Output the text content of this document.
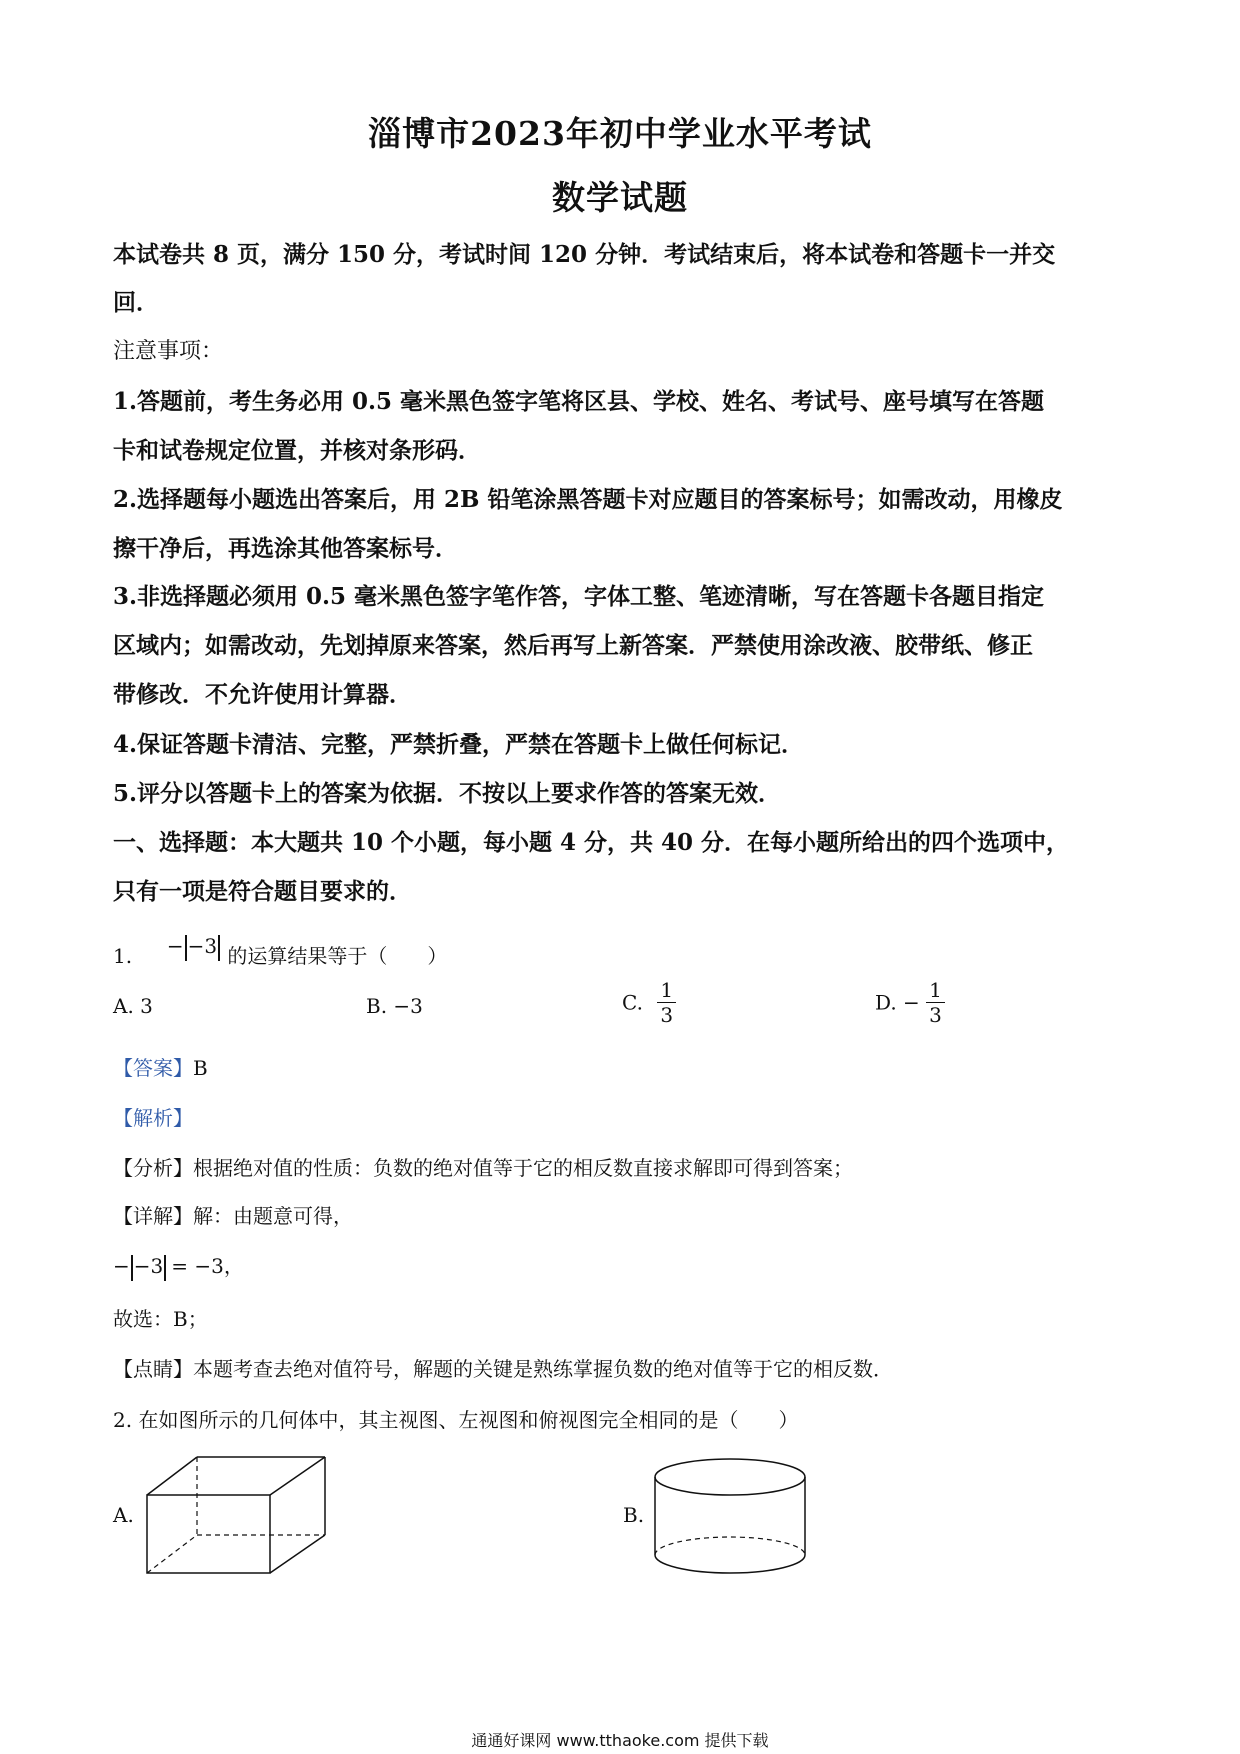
淄博市2023年初中学业水平考试
数学试题
本试卷共 8 页，满分 150 分，考试时间 120 分钟．考试结束后，将本试卷和答题卡一并交
回．
注意事项：
1.答题前，考生务必用 0.5 毫米黑色签字笔将区县、学校、姓名、考试号、座号填写在答题
卡和试卷规定位置，并核对条形码．
2.选择题每小题选出答案后，用 2B 铅笔涂黑答题卡对应题目的答案标号；如需改动，用橡皮
擦干净后，再选涂其他答案标号．
3.非选择题必须用 0.5 毫米黑色签字笔作答，字体工整、笔迹清晰，写在答题卡各题目指定
区域内；如需改动，先划掉原来答案，然后再写上新答案．严禁使用涂改液、胶带纸、修正
带修改．不允许使用计算器．
4.保证答题卡清洁、完整，严禁折叠，严禁在答题卡上做任何标记．
5.评分以答题卡上的答案为依据．不按以上要求作答的答案无效．
一、选择题：本大题共 10 个小题，每小题 4 分，共 40 分．在每小题所给出的四个选项中，
只有一项是符合题目要求的．
1. − −3 的运算结果等于（　　）
A. 3	B. −3	C. $\frac{1}{3}$	D. − $\frac{1}{3}$
【答案】B
【解析】
【分析】根据绝对值的性质：负数的绝对值等于它的相反数直接求解即可得到答案；
【详解】解：由题意可得，
− −3 = −3，
故选：B；
【点睛】本题考查去绝对值符号，解题的关键是熟练掌握负数的绝对值等于它的相反数．
2. 在如图所示的几何体中，其主视图、左视图和俯视图完全相同的是（　　）
A.	B.
通通好课网 www.tthaoke.com 提供下载
